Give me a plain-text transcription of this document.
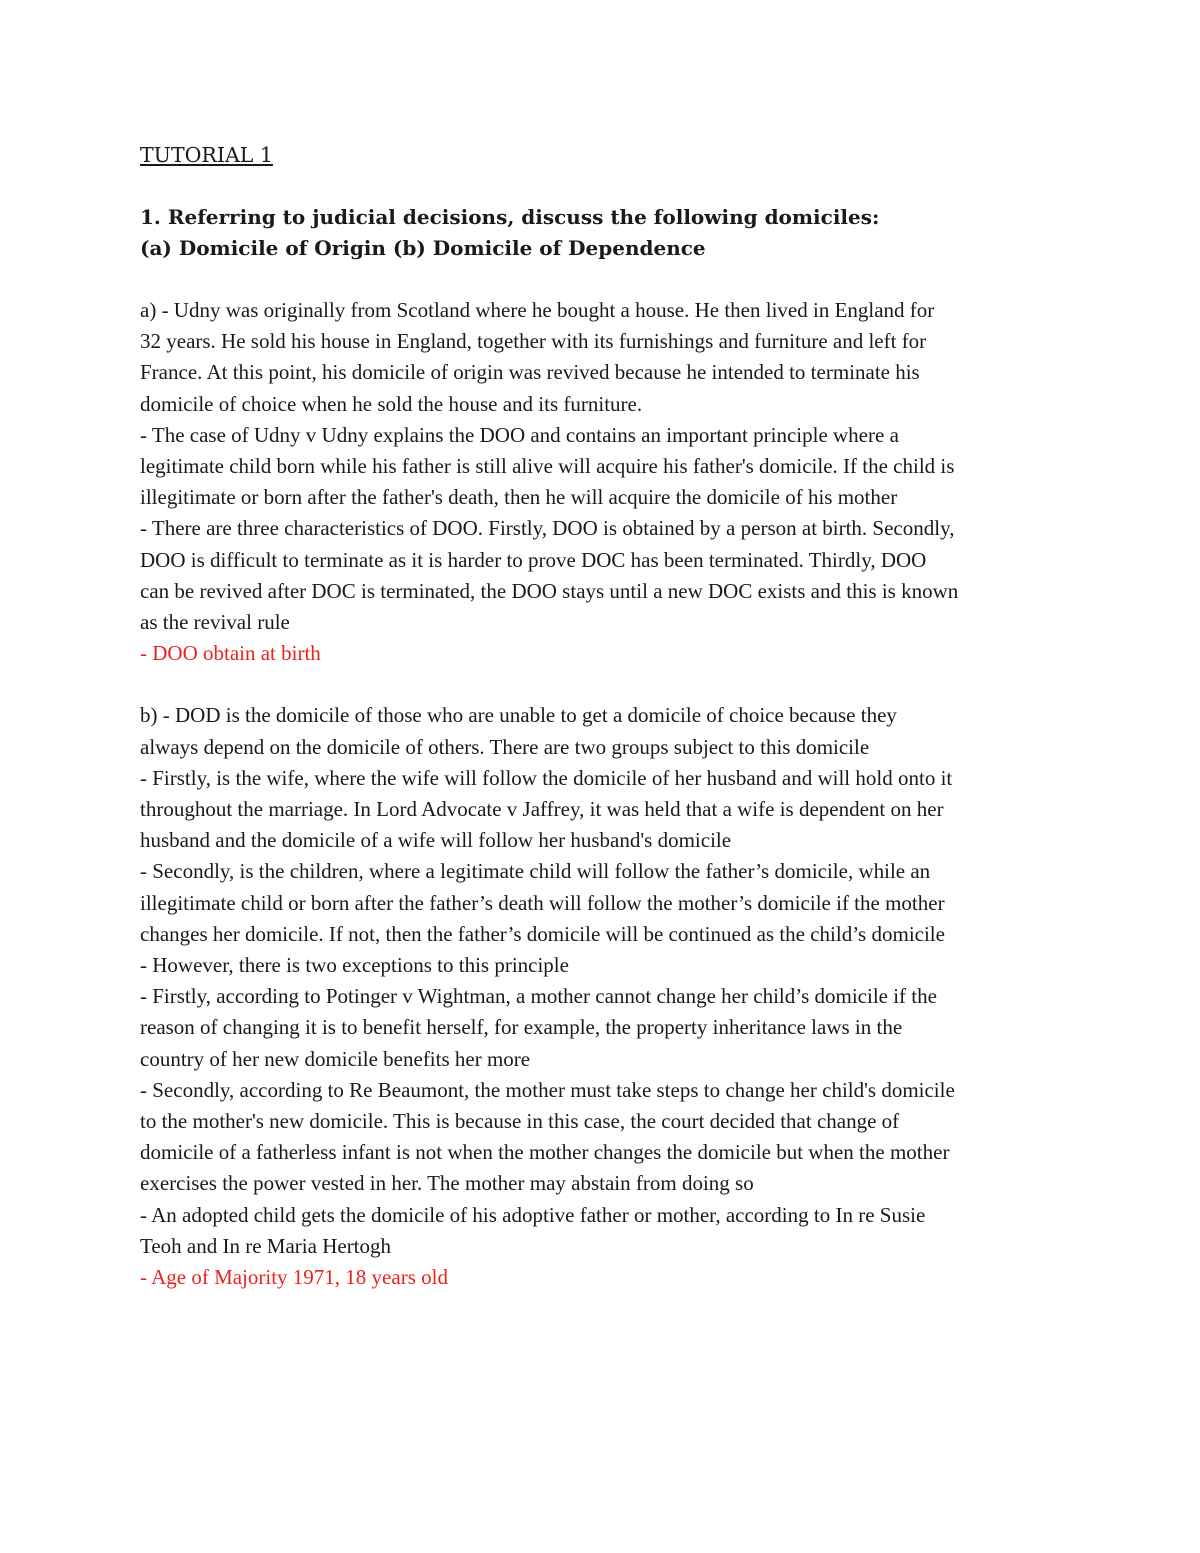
TUTORIAL 1

1. Referring to judicial decisions, discuss the following domiciles:

(a) Domicile of Origin (b) Domicile of Dependence

a) - Udny was originally from Scotland where he bought a house. He then lived in England for

32 years. He sold his house in England, together with its furnishings and furniture and left for

France. At this point, his domicile of origin was revived because he intended to terminate his

domicile of choice when he sold the house and its furniture.

- The case of Udny v Udny explains the DOO and contains an important principle where a

legitimate child born while his father is still alive will acquire his father's domicile. If the child is

illegitimate or born after the father's death, then he will acquire the domicile of his mother

- There are three characteristics of DOO. Firstly, DOO is obtained by a person at birth. Secondly,

DOO is difficult to terminate as it is harder to prove DOC has been terminated. Thirdly, DOO

can be revived after DOC is terminated, the DOO stays until a new DOC exists and this is known

as the revival rule

- DOO obtain at birth

b) - DOD is the domicile of those who are unable to get a domicile of choice because they

always depend on the domicile of others. There are two groups subject to this domicile

- Firstly, is the wife, where the wife will follow the domicile of her husband and will hold onto it

throughout the marriage. In Lord Advocate v Jaffrey, it was held that a wife is dependent on her

husband and the domicile of a wife will follow her husband's domicile

- Secondly, is the children, where a legitimate child will follow the father’s domicile, while an

illegitimate child or born after the father’s death will follow the mother’s domicile if the mother

changes her domicile. If not, then the father’s domicile will be continued as the child’s domicile

- However, there is two exceptions to this principle

- Firstly, according to Potinger v Wightman, a mother cannot change her child’s domicile if the

reason of changing it is to benefit herself, for example, the property inheritance laws in the

country of her new domicile benefits her more

- Secondly, according to Re Beaumont, the mother must take steps to change her child's domicile

to the mother's new domicile. This is because in this case, the court decided that change of

domicile of a fatherless infant is not when the mother changes the domicile but when the mother

exercises the power vested in her. The mother may abstain from doing so

- An adopted child gets the domicile of his adoptive father or mother, according to In re Susie

Teoh and In re Maria Hertogh

- Age of Majority 1971, 18 years old
